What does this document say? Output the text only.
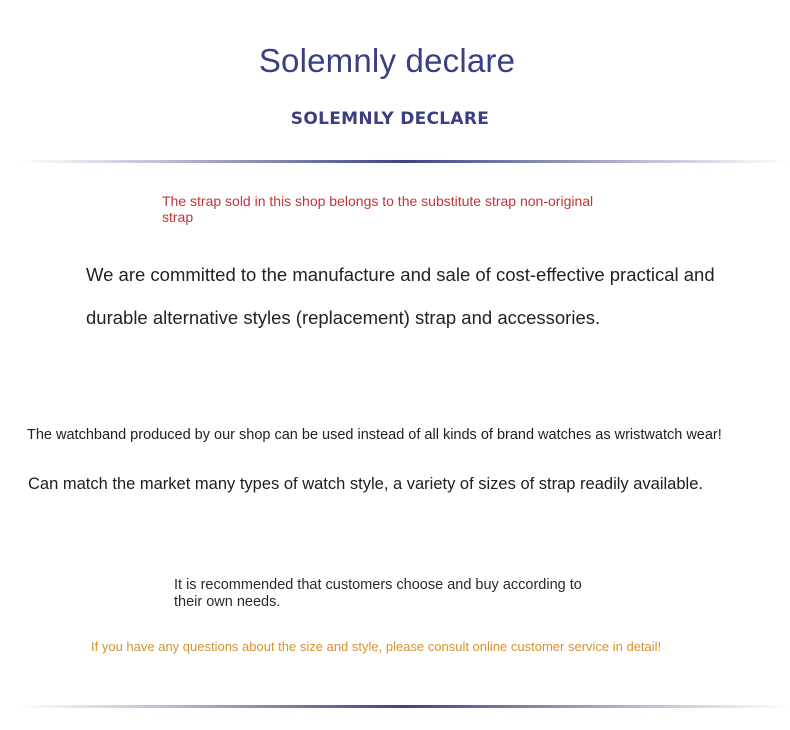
Solemnly declare
SOLEMNLY DECLARE
The strap sold in this shop belongs to the substitute strap non-original strap
We are committed to the manufacture and sale of cost-effective practical and durable alternative styles (replacement) strap and accessories.
The watchband produced by our shop can be used instead of all kinds of brand watches as wristwatch wear!
Can match the market many types of watch style, a variety of sizes of strap readily available.
It is recommended that customers choose and buy according to their own needs.
If you have any questions about the size and style, please consult online customer service in detail!
